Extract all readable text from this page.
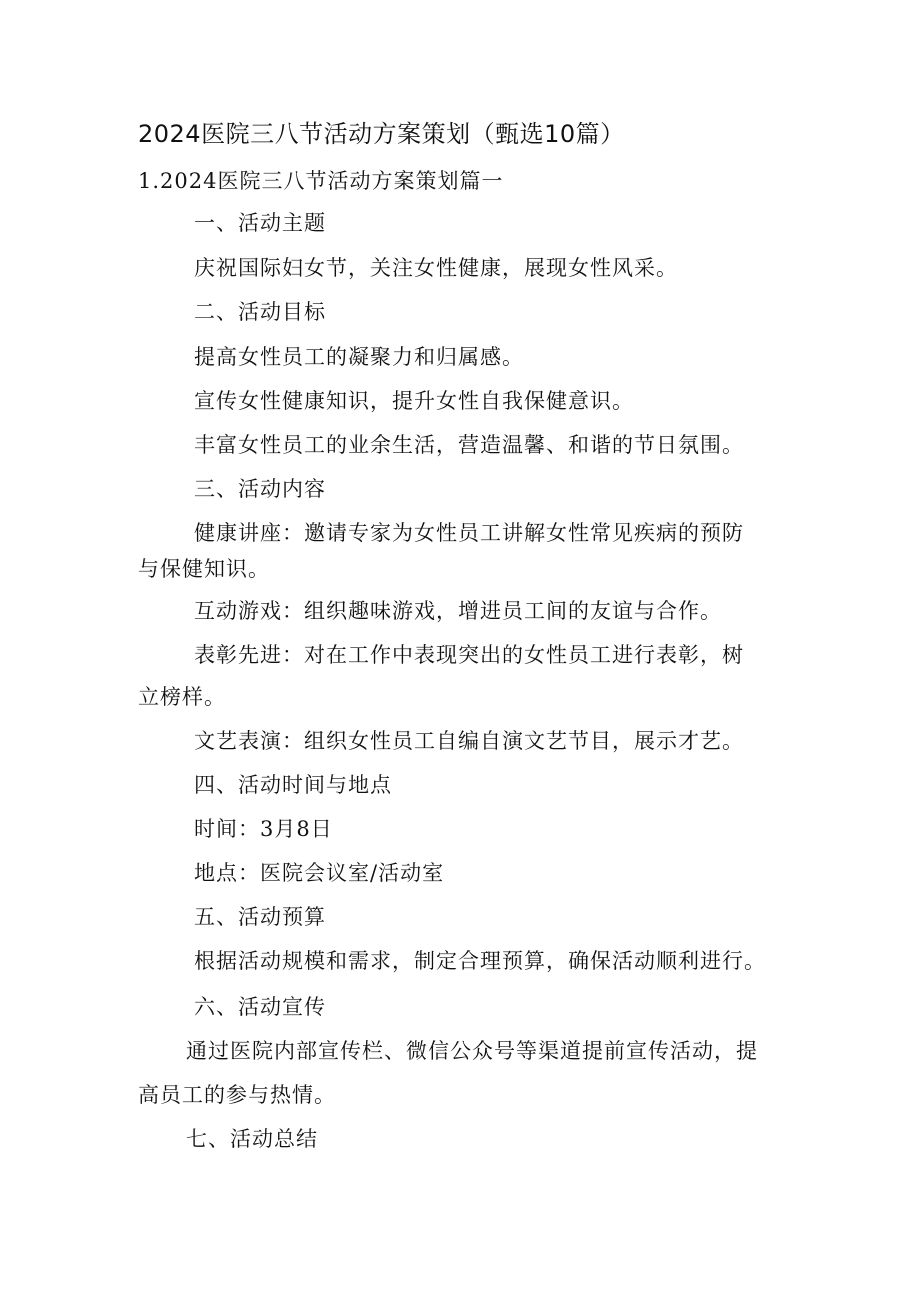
2024医院三八节活动方案策划（甄选10篇）
1.2024医院三八节活动方案策划篇一
一、活动主题
庆祝国际妇女节，关注女性健康，展现女性风采。
二、活动目标
提高女性员工的凝聚力和归属感。
宣传女性健康知识，提升女性自我保健意识。
丰富女性员工的业余生活，营造温馨、和谐的节日氛围。
三、活动内容
健康讲座：邀请专家为女性员工讲解女性常见疾病的预防
与保健知识。
互动游戏：组织趣味游戏，增进员工间的友谊与合作。
表彰先进：对在工作中表现突出的女性员工进行表彰，树
立榜样。
文艺表演：组织女性员工自编自演文艺节目，展示才艺。
四、活动时间与地点
时间：3月8日
地点：医院会议室/活动室
五、活动预算
根据活动规模和需求，制定合理预算，确保活动顺利进行。
六、活动宣传
通过医院内部宣传栏、微信公众号等渠道提前宣传活动，提
高员工的参与热情。
七、活动总结
